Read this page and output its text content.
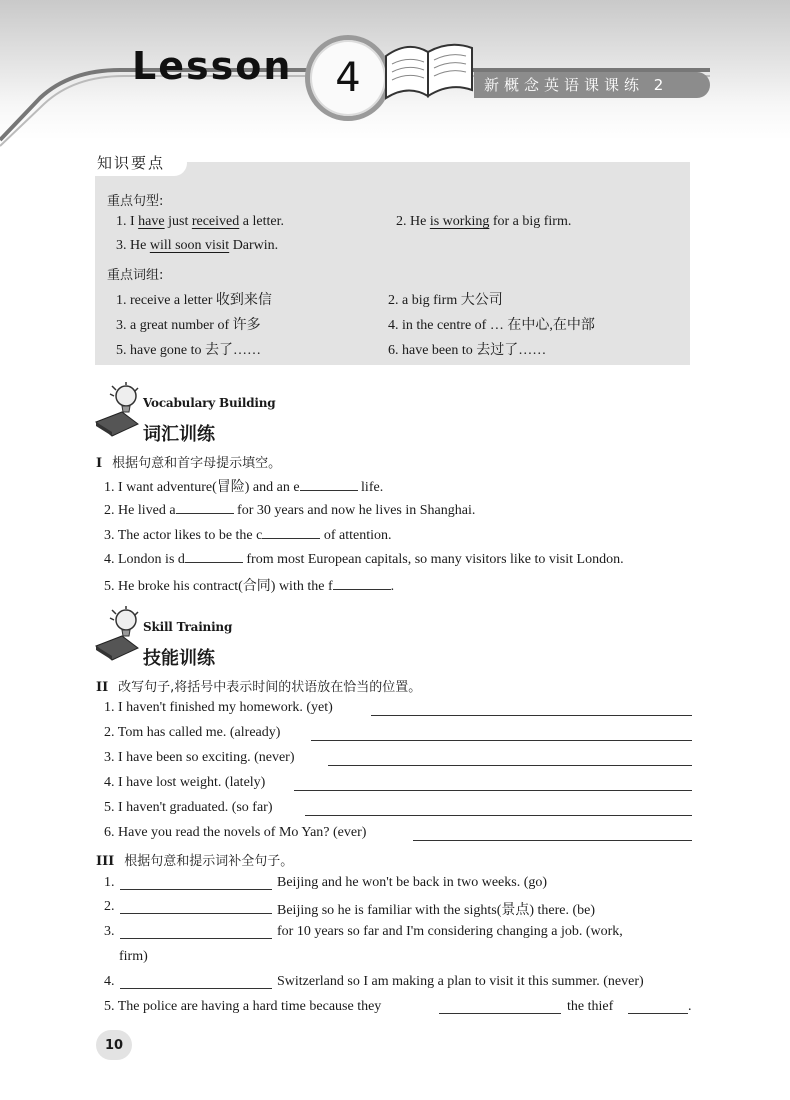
Lesson	4	新概念英语课课练 2
知识要点
重点句型:
1. I have just received a letter.	2. He is working for a big firm.
3. He will soon visit Darwin.
重点词组:
1. receive a letter 收到来信	2. a big firm 大公司
3. a great number of 许多	4. in the centre of … 在中心,在中部
5. have gone to 去了……	6. have been to 去过了……
Vocabulary Building
词汇训练
I 根据句意和首字母提示填空。
1. I want adventure(冒险) and an e	life.
2. He lived a	for 30 years and now he lives in Shanghai.
3. The actor likes to be the c	of attention.
4. London is d	from most European capitals, so many visitors like to visit London.
5. He broke his contract(合同) with the f	.
Skill Training
技能训练
II 改写句子,将括号中表示时间的状语放在恰当的位置。
1. I haven't finished my homework. (yet)
2. Tom has called me. (already)
3. I have been so exciting. (never)
4. I have lost weight. (lately)
5. I haven't graduated. (so far)
6. Have you read the novels of Mo Yan? (ever)
III 根据句意和提示词补全句子。
1.	Beijing and he won't be back in two weeks. (go)
2.	Beijing so he is familiar with the sights(景点) there. (be)
3.	for 10 years so far and I'm considering changing a job. (work,
firm)
4.	Switzerland so I am making a plan to visit it this summer. (never)
5. The police are having a hard time because they	the thief	.
10
